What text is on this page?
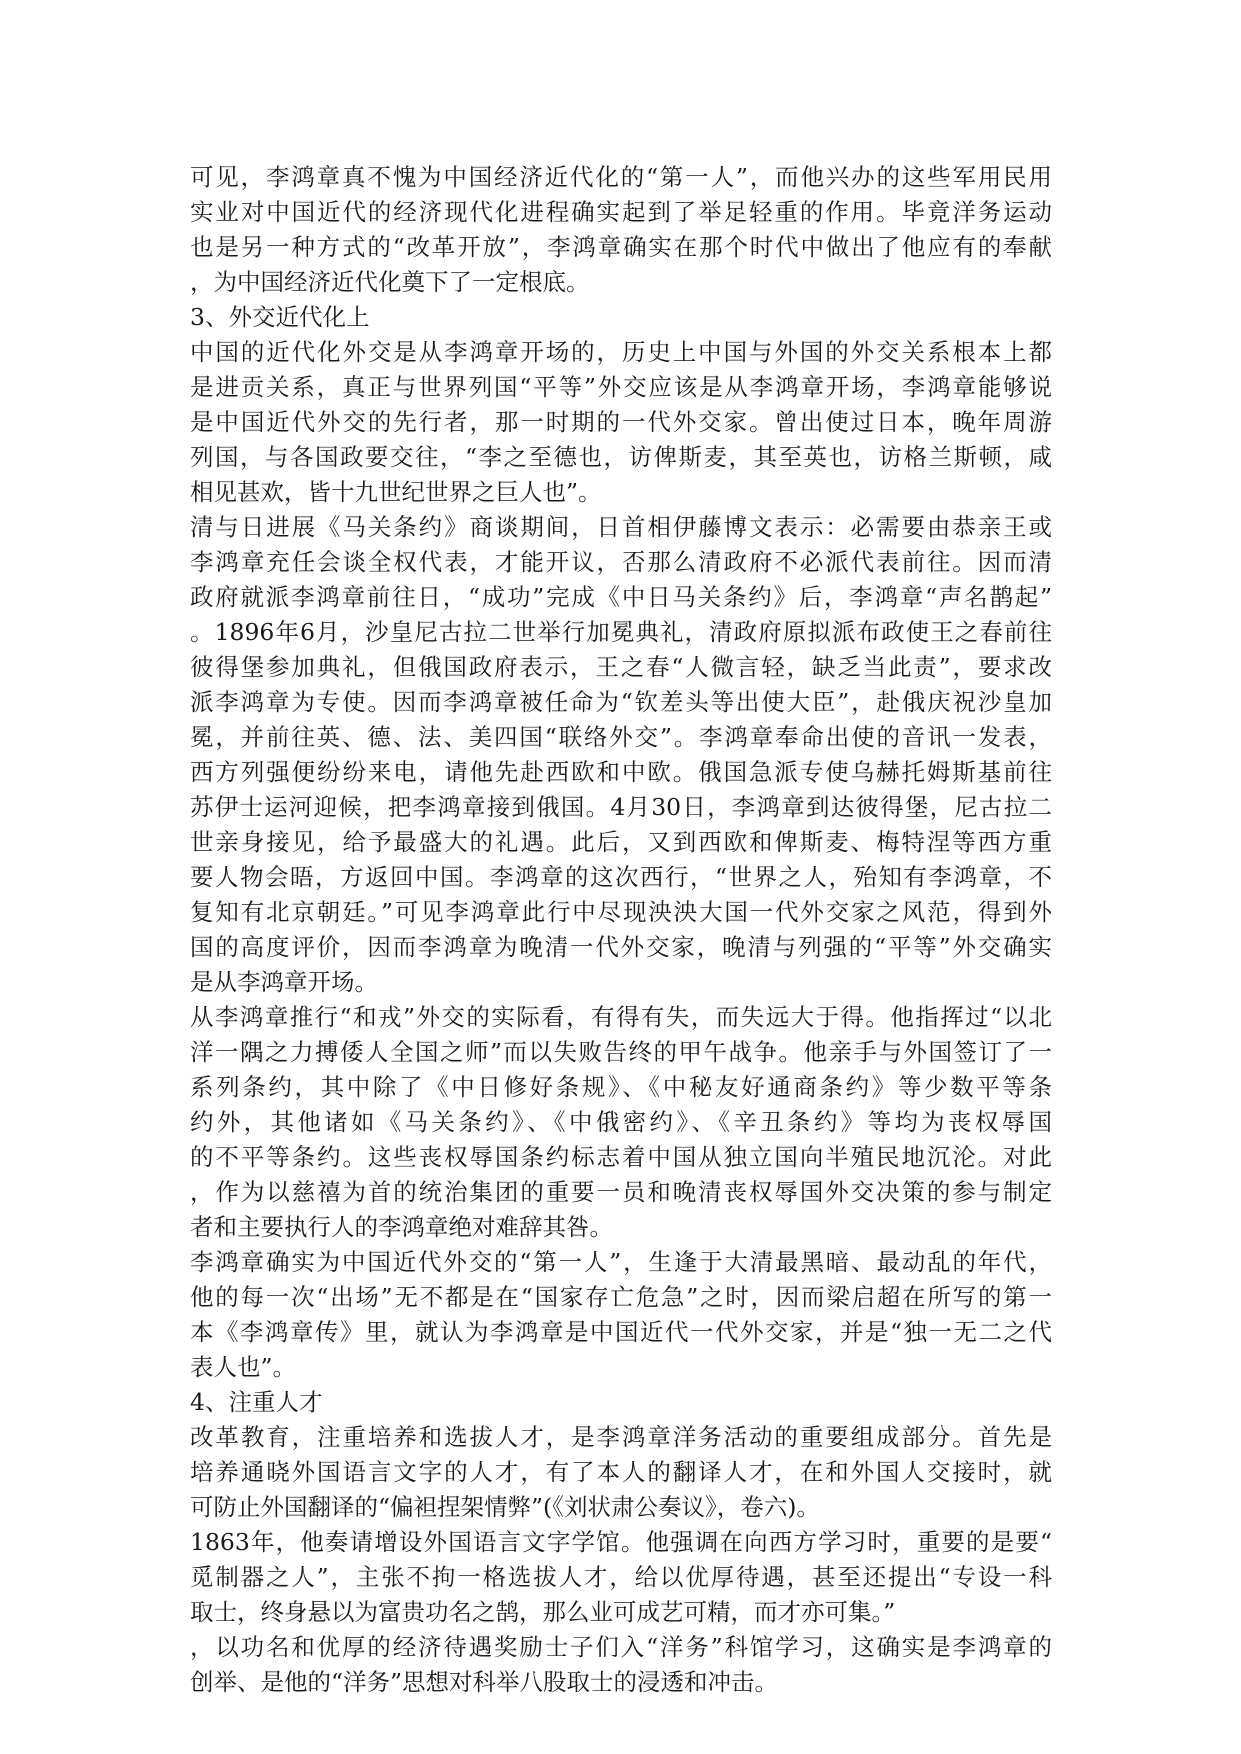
可见，李鸿章真不愧为中国经济近代化的“第一人”，而他兴办的这些军用民用
实业对中国近代的经济现代化进程确实起到了举足轻重的作用。毕竟洋务运动
也是另一种方式的“改革开放”，李鸿章确实在那个时代中做出了他应有的奉献
，为中国经济近代化奠下了一定根底。
3、外交近代化上
中国的近代化外交是从李鸿章开场的，历史上中国与外国的外交关系根本上都
是进贡关系，真正与世界列国“平等”外交应该是从李鸿章开场，李鸿章能够说
是中国近代外交的先行者，那一时期的一代外交家。曾出使过日本，晚年周游
列国，与各国政要交往，“李之至德也，访俾斯麦，其至英也，访格兰斯顿，咸
相见甚欢，皆十九世纪世界之巨人也”。
清与日进展《马关条约》商谈期间，日首相伊藤博文表示：必需要由恭亲王或
李鸿章充任会谈全权代表，才能开议，否那么清政府不必派代表前往。因而清
政府就派李鸿章前往日，“成功”完成《中日马关条约》后，李鸿章“声名鹊起”
。1896年6月，沙皇尼古拉二世举行加冕典礼，清政府原拟派布政使王之春前往
彼得堡参加典礼，但俄国政府表示，王之春“人微言轻，缺乏当此责”，要求改
派李鸿章为专使。因而李鸿章被任命为“钦差头等出使大臣”，赴俄庆祝沙皇加
冕，并前往英、德、法、美四国“联络外交”。李鸿章奉命出使的音讯一发表，
西方列强便纷纷来电，请他先赴西欧和中欧。俄国急派专使乌赫托姆斯基前往
苏伊士运河迎候，把李鸿章接到俄国。4月30日，李鸿章到达彼得堡，尼古拉二
世亲身接见，给予最盛大的礼遇。此后，又到西欧和俾斯麦、梅特涅等西方重
要人物会晤，方返回中国。李鸿章的这次西行，“世界之人，殆知有李鸿章，不
复知有北京朝廷。”可见李鸿章此行中尽现泱泱大国一代外交家之风范，得到外
国的高度评价，因而李鸿章为晚清一代外交家，晚清与列强的“平等”外交确实
是从李鸿章开场。
从李鸿章推行“和戎”外交的实际看，有得有失，而失远大于得。他指挥过“以北
洋一隅之力搏倭人全国之师”而以失败告终的甲午战争。他亲手与外国签订了一
系列条约，其中除了《中日修好条规》、《中秘友好通商条约》等少数平等条
约外，其他诸如《马关条约》、《中俄密约》、《辛丑条约》等均为丧权辱国
的不平等条约。这些丧权辱国条约标志着中国从独立国向半殖民地沉沦。对此
，作为以慈禧为首的统治集团的重要一员和晚清丧权辱国外交决策的参与制定
者和主要执行人的李鸿章绝对难辞其咎。
李鸿章确实为中国近代外交的“第一人”，生逢于大清最黑暗、最动乱的年代，
他的每一次“出场”无不都是在“国家存亡危急”之时，因而梁启超在所写的第一
本《李鸿章传》里，就认为李鸿章是中国近代一代外交家，并是“独一无二之代
表人也”。
4、注重人才
改革教育，注重培养和选拔人才，是李鸿章洋务活动的重要组成部分。首先是
培养通晓外国语言文字的人才，有了本人的翻译人才，在和外国人交接时，就
可防止外国翻译的“偏袒捏架情弊”(《刘状肃公奏议》，卷六)。
1863年，他奏请增设外国语言文字学馆。他强调在向西方学习时，重要的是要“
觅制器之人”，主张不拘一格选拔人才，给以优厚待遇，甚至还提出“专设一科
取士，终身悬以为富贵功名之鹄，那么业可成艺可精，而才亦可集。”
，以功名和优厚的经济待遇奖励士子们入“洋务”科馆学习，这确实是李鸿章的
创举、是他的“洋务”思想对科举八股取士的浸透和冲击。
